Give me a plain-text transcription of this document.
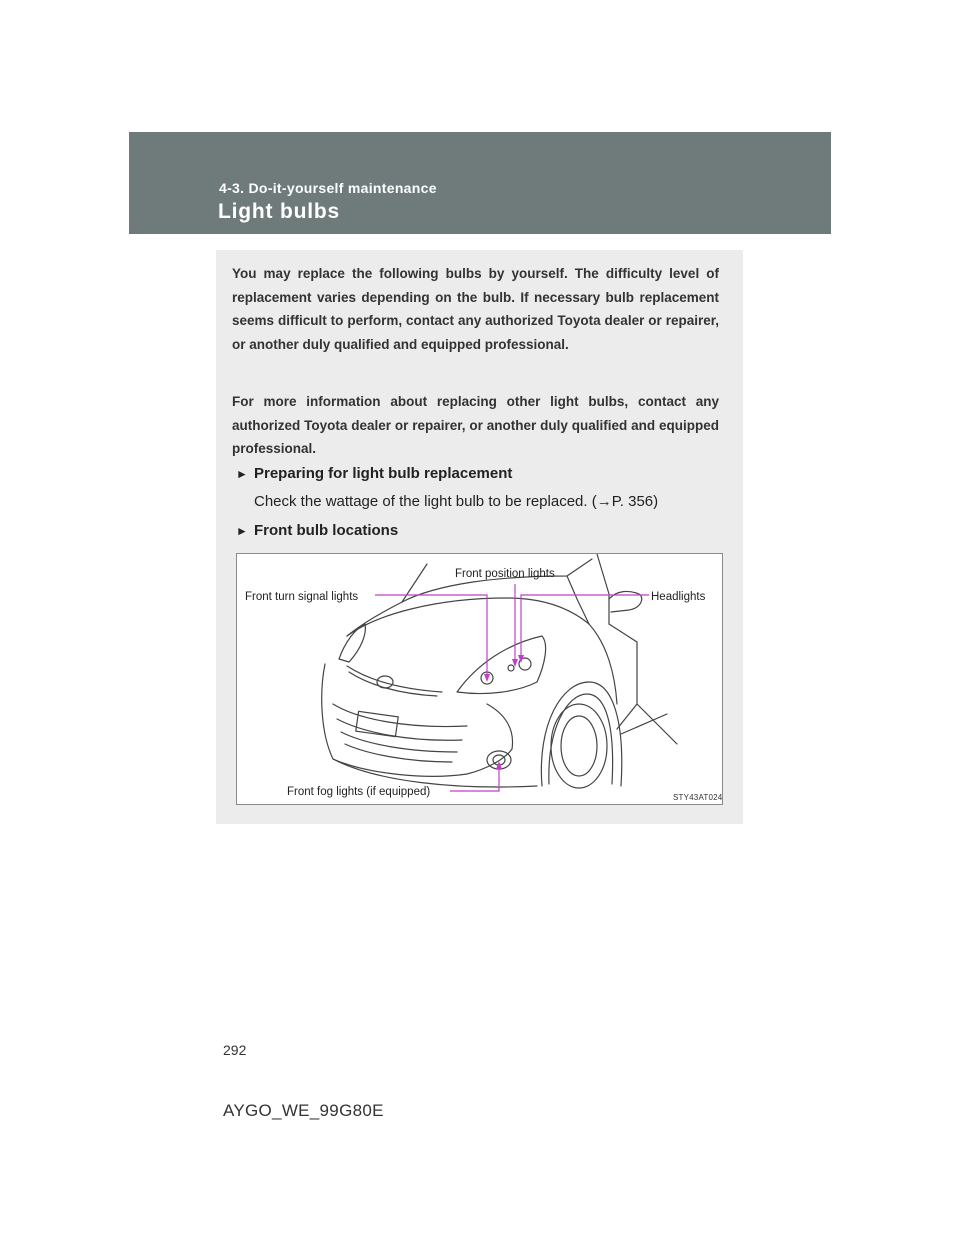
4-3. Do-it-yourself maintenance
Light bulbs

You may replace the following bulbs by yourself. The difficulty level of replacement varies depending on the bulb. If necessary bulb replacement seems difficult to perform, contact any authorized Toyota dealer or repairer, or another duly qualified and equipped professional.

For more information about replacing other light bulbs, contact any authorized Toyota dealer or repairer, or another duly qualified and equipped professional.

► Preparing for light bulb replacement
Check the wattage of the light bulb to be replaced. (→P. 356)
► Front bulb locations
Front position lights
Front turn signal lights	Headlights
Front fog lights (if equipped)	STY43AT024
292
AYGO_WE_99G80E
